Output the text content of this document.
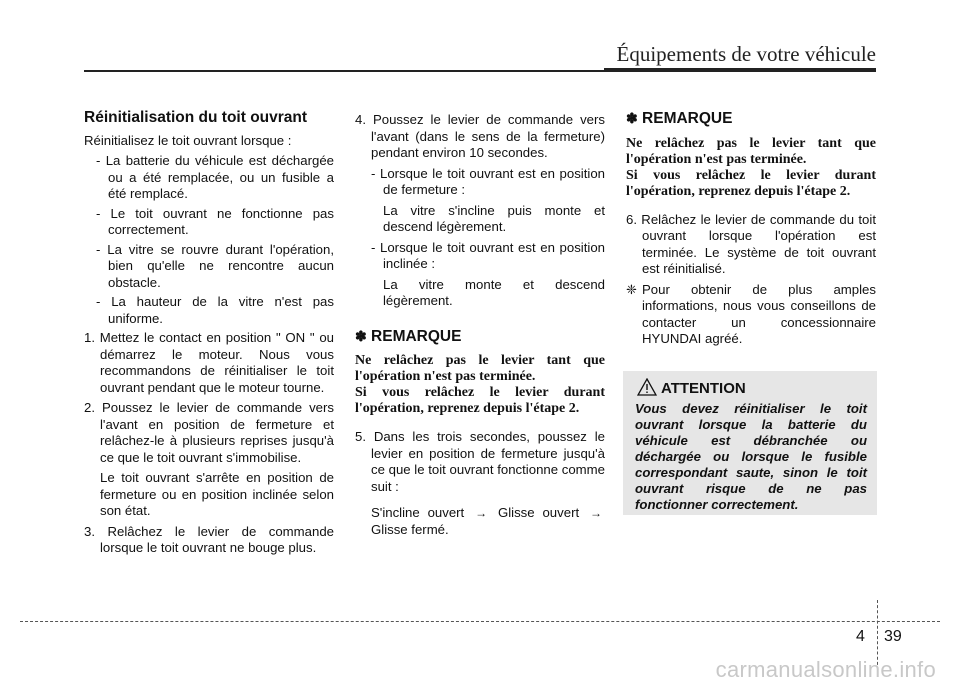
Équipements de votre véhicule
Réinitialisation du toit ouvrant
Réinitialisez le toit ouvrant lorsque :
- La batterie du véhicule est déchargée ou a été remplacée, ou un fusible a été remplacé.
- Le toit ouvrant ne fonctionne pas correctement.
- La vitre se rouvre durant l'opération, bien qu'elle ne rencontre aucun obstacle.
- La hauteur de la vitre n'est pas uniforme.
1. Mettez le contact en position " ON " ou démarrez le moteur. Nous vous recommandons de réinitialiser le toit ouvrant pendant que le moteur tourne.
2. Poussez le levier de commande vers l'avant en position de fermeture et relâchez-le à plusieurs reprises jusqu'à ce que le toit ouvrant s'immobilise.
Le toit ouvrant s'arrête en position de fermeture ou en position inclinée selon son état.
3. Relâchez le levier de commande lorsque le toit ouvrant ne bouge plus.
4. Poussez le levier de commande vers l'avant (dans le sens de la fermeture) pendant environ 10 secondes.
- Lorsque le toit ouvrant est en position de fermeture :
La vitre s'incline puis monte et descend légèrement.
- Lorsque le toit ouvrant est en position inclinée :
La vitre monte et descend légèrement.
✽ REMARQUE
Ne relâchez pas le levier tant que
l'opération n'est pas terminée.
Si vous relâchez le levier durant
l'opération, reprenez depuis l'étape 2.
5. Dans les trois secondes, poussez le levier en position de fermeture jusqu'à ce que le toit ouvrant fonctionne comme suit :
S'incline ouvert → Glisse ouvert → Glisse fermé.
✽ REMARQUE
Ne relâchez pas le levier tant que
l'opération n'est pas terminée.
Si vous relâchez le levier durant
l'opération, reprenez depuis l'étape 2.
6. Relâchez le levier de commande du toit ouvrant lorsque l'opération est terminée. Le système de toit ouvrant est réinitialisé.
❈ Pour obtenir de plus amples informations, nous vous conseillons de contacter un concessionnaire HYUNDAI agréé.
ATTENTION
Vous devez réinitialiser le toit ouvrant lorsque la batterie du véhicule est débranchée ou déchargée ou lorsque le fusible correspondant saute, sinon le toit ouvrant risque de ne pas fonctionner correctement.
4 39
carmanualsonline.info
